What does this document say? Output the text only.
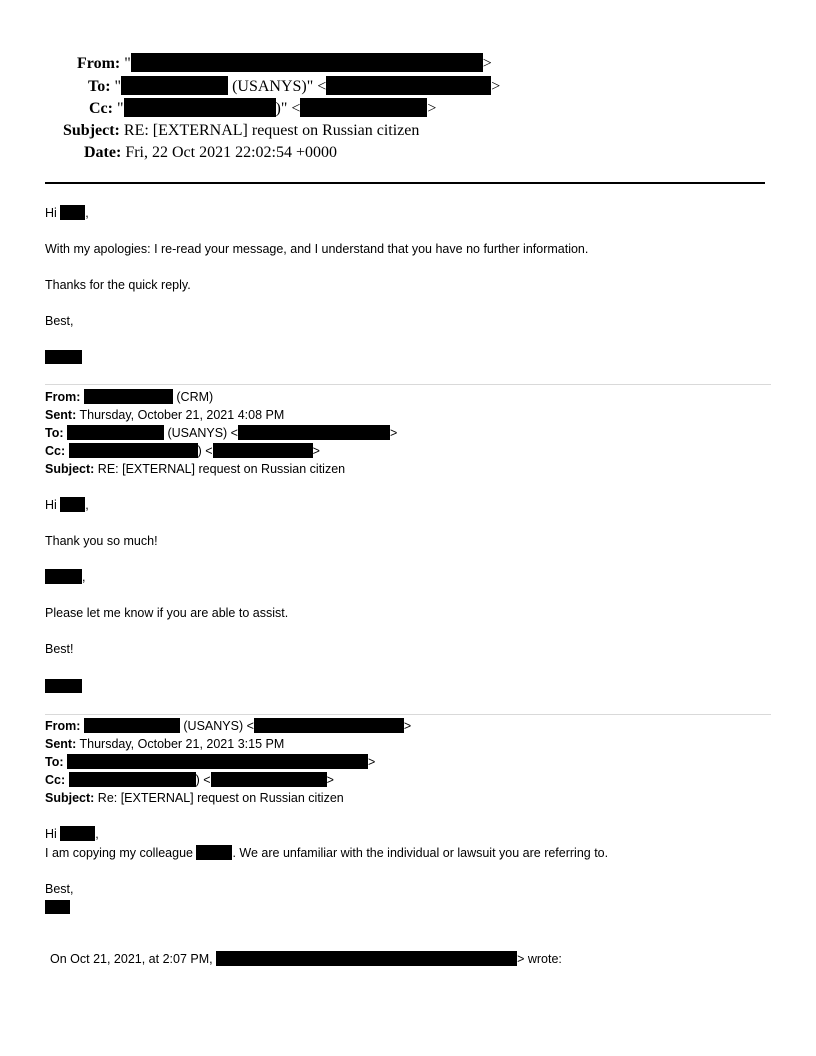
From: "	>
To: "	(USANYS)" <	>
Cc: "	)" <	>
Subject: RE: [EXTERNAL] request on Russian citizen
Date: Fri, 22 Oct 2021 22:02:54 +0000
Hi ,
With my apologies: I re-read your message, and I understand that you have no further information.
Thanks for the quick reply.
Best,
From:	(CRM)
Sent: Thursday, October 21, 2021 4:08 PM
To:	(USANYS) <	>
Cc:	) <	>
Subject: RE: [EXTERNAL] request on Russian citizen
Hi ,
Thank you so much!
,
Please let me know if you are able to assist.
Best!
From:	(USANYS) <	>
Sent: Thursday, October 21, 2021 3:15 PM
To:	>
Cc:	) <	>
Subject: Re: [EXTERNAL] request on Russian citizen
Hi	,
I am copying my colleague	. We are unfamiliar with the individual or lawsuit you are referring to.
Best,
On Oct 21, 2021, at 2:07 PM,	> wrote:
